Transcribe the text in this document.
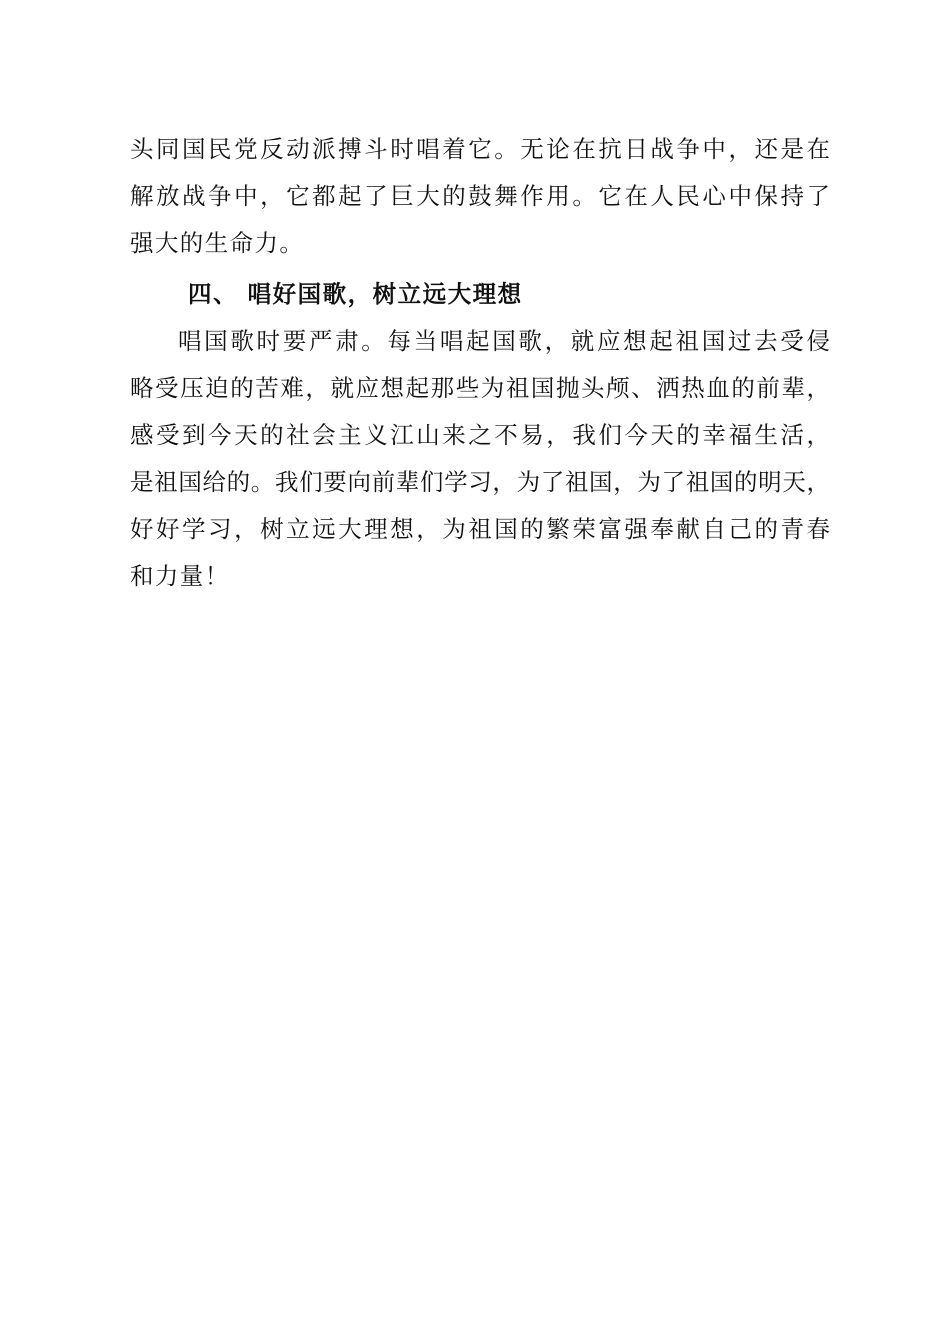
头同国民党反动派搏斗时唱着它。无论在抗日战争中，还是在
解放战争中，它都起了巨大的鼓舞作用。它在人民心中保持了
强大的生命力。
四、 唱好国歌，树立远大理想
唱国歌时要严肃。每当唱起国歌，就应想起祖国过去受侵
略受压迫的苦难，就应想起那些为祖国抛头颅、洒热血的前辈，
感受到今天的社会主义江山来之不易，我们今天的幸福生活，
是祖国给的。我们要向前辈们学习，为了祖国，为了祖国的明天，
好好学习，树立远大理想，为祖国的繁荣富强奉献自己的青春
和力量！
